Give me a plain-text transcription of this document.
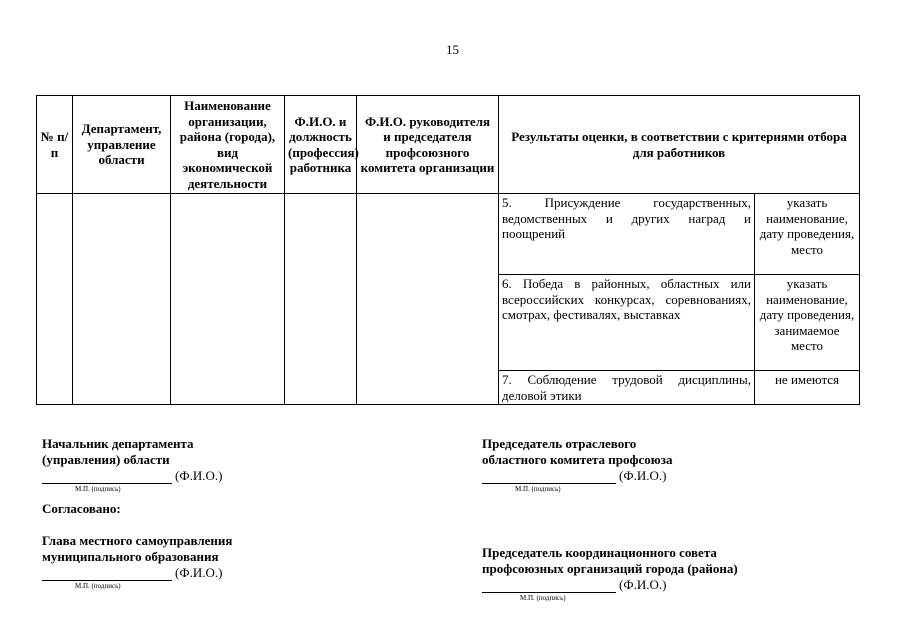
15
№ п/п	Департамент, управление области	Наименование организации, района (города), вид экономической деятельности	Ф.И.О. и должность (профессия) работника	Ф.И.О. руководителя и председателя профсоюзного комитета организации	Результаты оценки, в соответствии с критериями отбора для работников	
					5. Присуждение государственных, ведомственных и других наград и поощрений	указать наименование, дату проведения, место
					6. Победа в районных, областных или всероссийских конкурсах, соревнованиях, смотрах, фестивалях, выставках	указать наименование, дату проведения, занимаемое место
					7. Соблюдение трудовой дисциплины, деловой этики	не имеются
Начальник департамента
(управления) области
(Ф.И.О.)
М.П. (подпись)
Председатель отраслевого
областного комитета профсоюза
(Ф.И.О.)
М.П. (подпись)
Согласовано:
Глава местного самоуправления
муниципального образования
(Ф.И.О.)
М.П. (подпись)
Председатель координационного совета
профсоюзных организаций города (района)
(Ф.И.О.)
М.П. (подпись)
